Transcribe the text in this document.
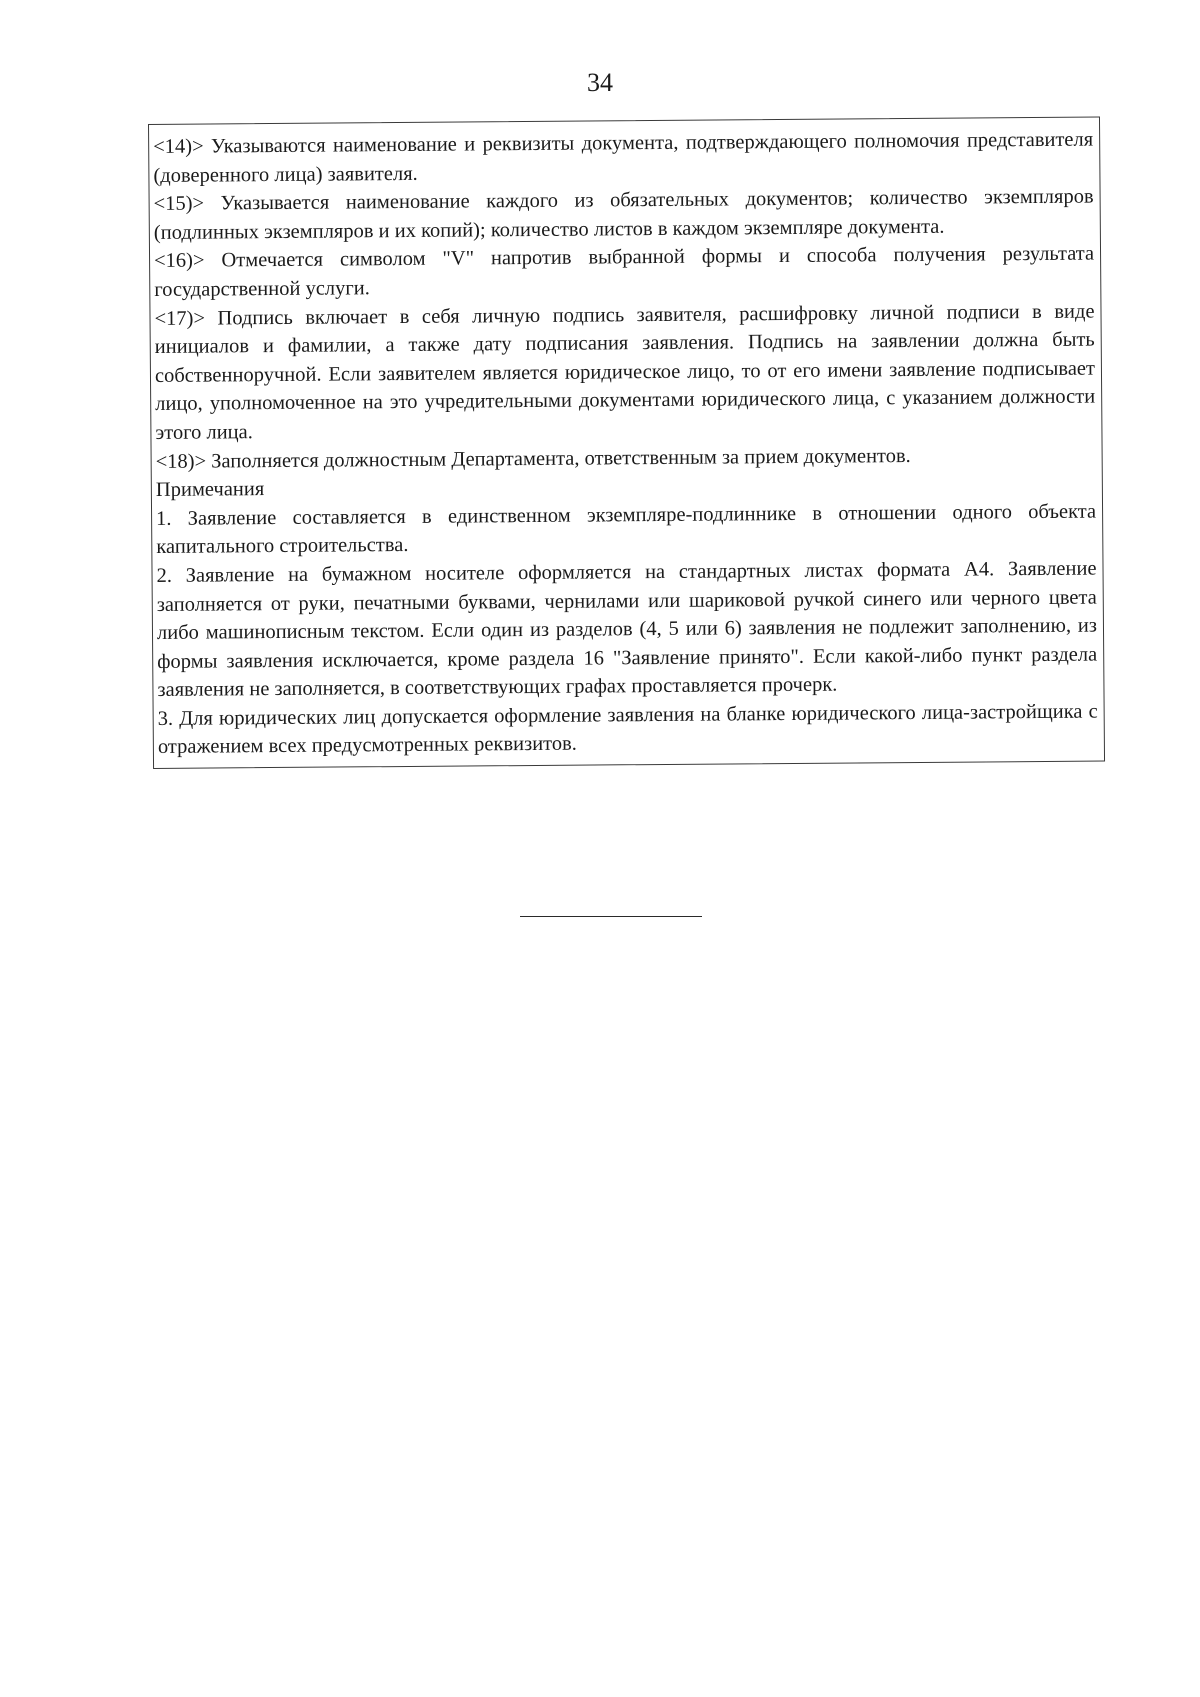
34

<14)> Указываются наименование и реквизиты документа, подтверждающего полномочия представителя (доверенного лица) заявителя.

<15)> Указывается наименование каждого из обязательных документов; количество экземпляров (подлинных экземпляров и их копий); количество листов в каждом экземпляре документа.

<16)> Отмечается символом "V" напротив выбранной формы и способа получения результата государственной услуги.

<17)> Подпись включает в себя личную подпись заявителя, расшифровку личной подписи в виде инициалов и фамилии, а также дату подписания заявления. Подпись на заявлении должна быть собственноручной. Если заявителем является юридическое лицо, то от его имени заявление подписывает лицо, уполномоченное на это учредительными документами юридического лица, с указанием должности этого лица.

<18)> Заполняется должностным Департамента, ответственным за прием документов.

Примечания

1. Заявление составляется в единственном экземпляре-подлиннике в отношении одного объекта капитального строительства.

2. Заявление на бумажном носителе оформляется на стандартных листах формата А4. Заявление заполняется от руки, печатными буквами, чернилами или шариковой ручкой синего или черного цвета либо машинописным текстом. Если один из разделов (4, 5 или 6) заявления не подлежит заполнению, из формы заявления исключается, кроме раздела 16 "Заявление принято". Если какой-либо пункт раздела заявления не заполняется, в соответствующих графах проставляется прочерк.

3. Для юридических лиц допускается оформление заявления на бланке юридического лица-застройщика с отражением всех предусмотренных реквизитов.
